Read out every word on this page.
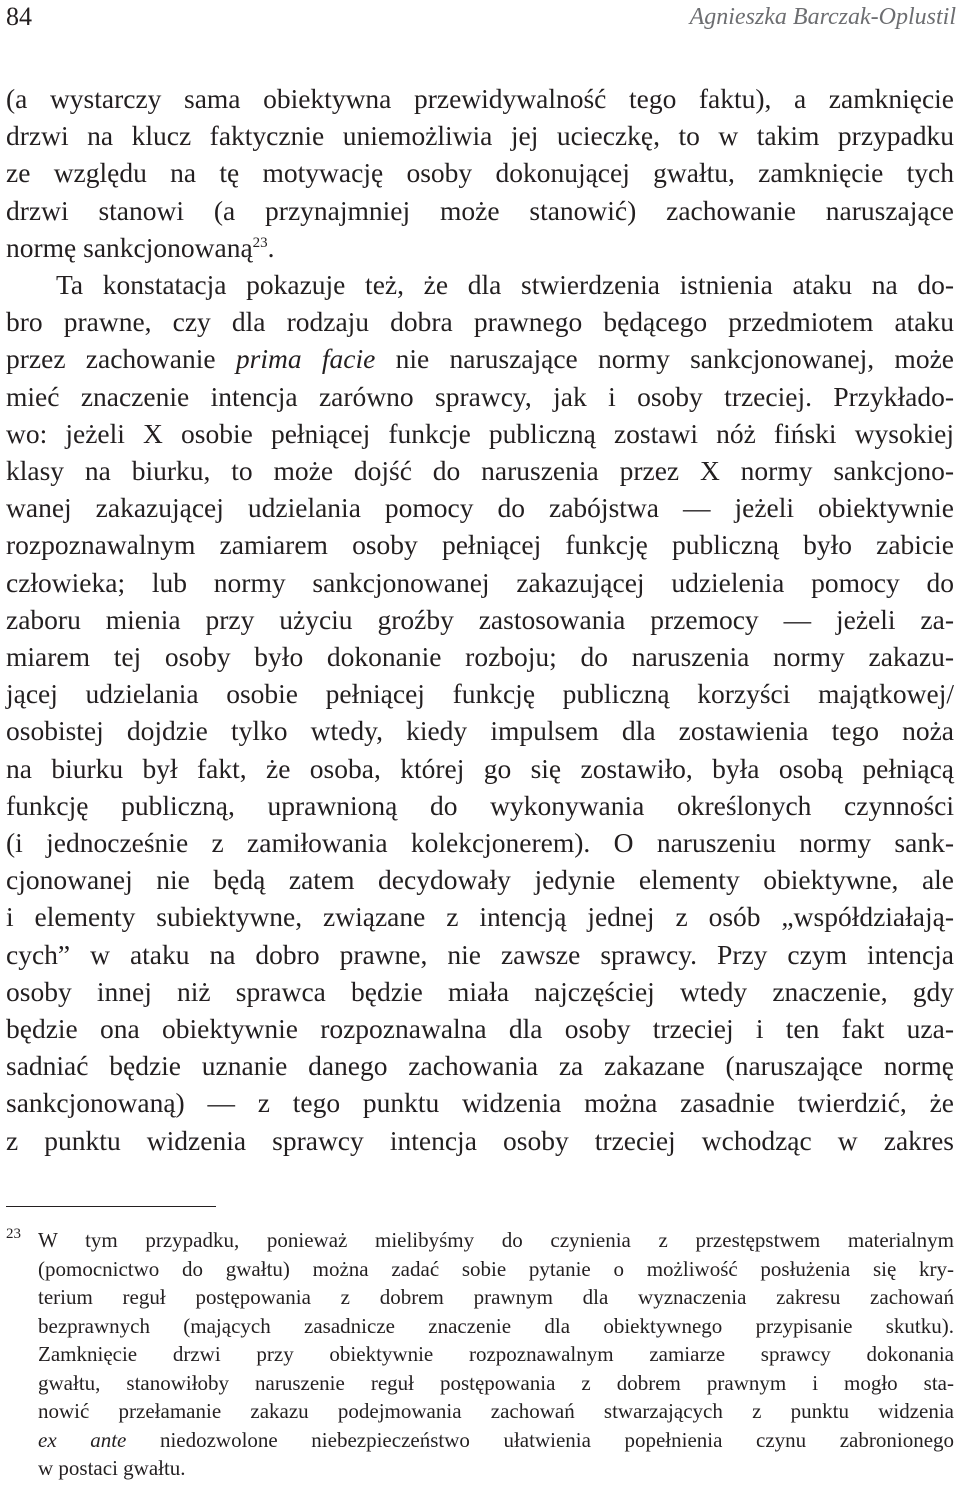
84	Agnieszka Barczak-Oplustil
(a wystarczy sama obiektywna przewidywalność tego faktu), a zamknięcie
drzwi na klucz faktycznie uniemożliwia jej ucieczkę, to w takim przypadku
ze względu na tę motywację osoby dokonującej gwałtu, zamknięcie tych
drzwi stanowi (a przynajmniej może stanowić) zachowanie naruszające
normę sankcjonowaną$^{23}$.
Ta konstatacja pokazuje też, że dla stwierdzenia istnienia ataku na do-
bro prawne, czy dla rodzaju dobra prawnego będącego przedmiotem ataku
przez zachowanie prima facie nie naruszające normy sankcjonowanej, może
mieć znaczenie intencja zarówno sprawcy, jak i osoby trzeciej. Przykłado-
wo: jeżeli X osobie pełniącej funkcje publiczną zostawi nóż fiński wysokiej
klasy na biurku, to może dojść do naruszenia przez X normy sankcjono-
wanej zakazującej udzielania pomocy do zabójstwa — jeżeli obiektywnie
rozpoznawalnym zamiarem osoby pełniącej funkcję publiczną było zabicie
człowieka; lub normy sankcjonowanej zakazującej udzielenia pomocy do
zaboru mienia przy użyciu groźby zastosowania przemocy — jeżeli za-
miarem tej osoby było dokonanie rozboju; do naruszenia normy zakazu-
jącej udzielania osobie pełniącej funkcję publiczną korzyści majątkowej/
osobistej dojdzie tylko wtedy, kiedy impulsem dla zostawienia tego noża
na biurku był fakt, że osoba, której go się zostawiło, była osobą pełniącą
funkcję publiczną, uprawnioną do wykonywania określonych czynności
(i jednocześnie z zamiłowania kolekcjonerem). O naruszeniu normy sank-
cjonowanej nie będą zatem decydowały jedynie elementy obiektywne, ale
i elementy subiektywne, związane z intencją jednej z osób „współdziałają-
cych” w ataku na dobro prawne, nie zawsze sprawcy. Przy czym intencja
osoby innej niż sprawca będzie miała najczęściej wtedy znaczenie, gdy
będzie ona obiektywnie rozpoznawalna dla osoby trzeciej i ten fakt uza-
sadniać będzie uznanie danego zachowania za zakazane (naruszające normę
sankcjonowaną) — z tego punktu widzenia można zasadnie twierdzić, że
z punktu widzenia sprawcy intencja osoby trzeciej wchodząc w zakres
23 W tym przypadku, ponieważ mielibyśmy do czynienia z przestępstwem materialnym
(pomocnictwo do gwałtu) można zadać sobie pytanie o możliwość posłużenia się kry-
terium reguł postępowania z dobrem prawnym dla wyznaczenia zakresu zachowań
bezprawnych (mających zasadnicze znaczenie dla obiektywnego przypisanie skutku).
Zamknięcie drzwi przy obiektywnie rozpoznawalnym zamiarze sprawcy dokonania
gwałtu, stanowiłoby naruszenie reguł postępowania z dobrem prawnym i mogło sta-
nowić przełamanie zakazu podejmowania zachowań stwarzających z punktu widzenia
ex ante niedozwolone niebezpieczeństwo ułatwienia popełnienia czynu zabronionego
w postaci gwałtu.
